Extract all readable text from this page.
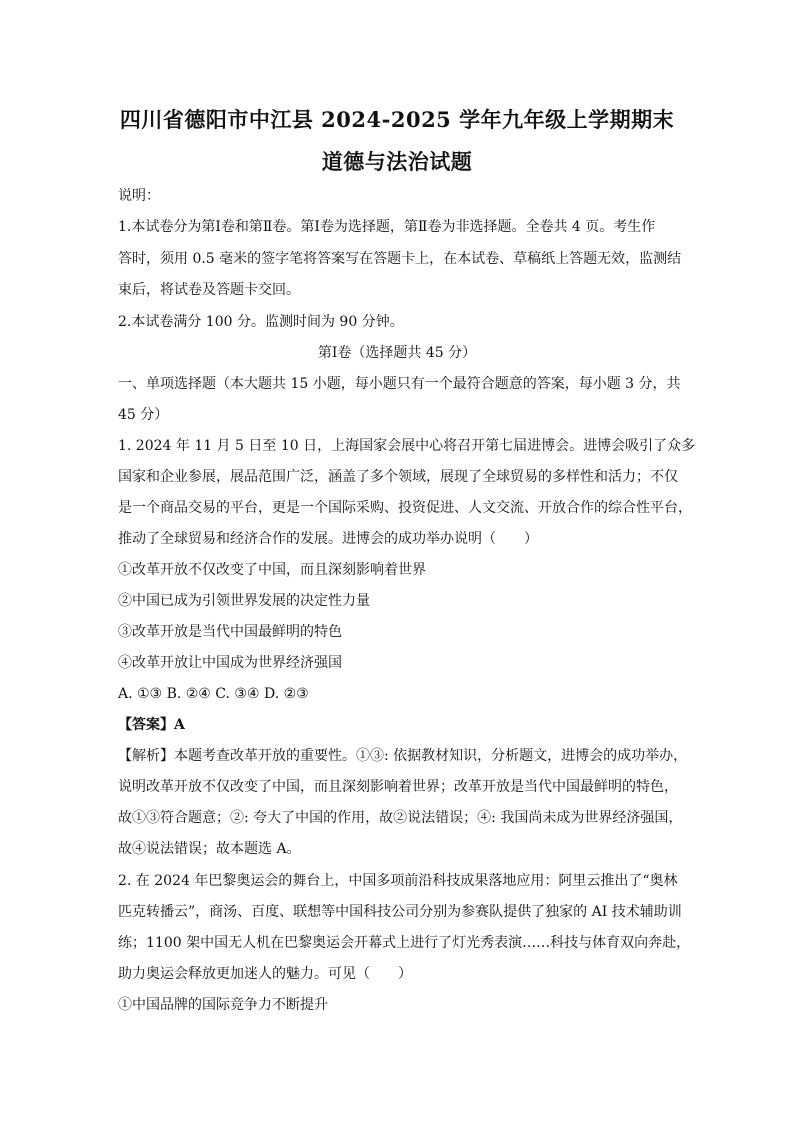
四川省德阳市中江县 2024-2025 学年九年级上学期期末
道德与法治试题
说明：
1.本试卷分为第Ⅰ卷和第Ⅱ卷。第Ⅰ卷为选择题，第Ⅱ卷为非选择题。全卷共 4 页。考生作
答时，须用 0.5 毫米的签字笔将答案写在答题卡上，在本试卷、草稿纸上答题无效，监测结
束后，将试卷及答题卡交回。
2.本试卷满分 100 分。监测时间为 90 分钟。
第Ⅰ卷（选择题共 45 分）
一、单项选择题（本大题共 15 小题，每小题只有一个最符合题意的答案，每小题 3 分，共
45 分）
1. 2024 年 11 月 5 日至 10 日，上海国家会展中心将召开第七届进博会。进博会吸引了众多
国家和企业参展，展品范围广泛，涵盖了多个领域，展现了全球贸易的多样性和活力；不仅
是一个商品交易的平台，更是一个国际采购、投资促进、人文交流、开放合作的综合性平台，
推动了全球贸易和经济合作的发展。进博会的成功举办说明（　　）
①改革开放不仅改变了中国，而且深刻影响着世界
②中国已成为引领世界发展的决定性力量
③改革开放是当代中国最鲜明的特色
④改革开放让中国成为世界经济强国
A. ①③ B. ②④ C. ③④ D. ②③
【答案】A
【解析】本题考查改革开放的重要性。①③: 依据教材知识，分析题文，进博会的成功举办，
说明改革开放不仅改变了中国，而且深刻影响着世界；改革开放是当代中国最鲜明的特色，
故①③符合题意；②: 夸大了中国的作用，故②说法错误；④: 我国尚未成为世界经济强国，
故④说法错误；故本题选 A。
2. 在 2024 年巴黎奥运会的舞台上，中国多项前沿科技成果落地应用：阿里云推出了“奥林
匹克转播云”，商汤、百度、联想等中国科技公司分别为参赛队提供了独家的 AI 技术辅助训
练；1100 架中国无人机在巴黎奥运会开幕式上进行了灯光秀表演……科技与体育双向奔赴，
助力奥运会释放更加迷人的魅力。可见（　　）
①中国品牌的国际竞争力不断提升
